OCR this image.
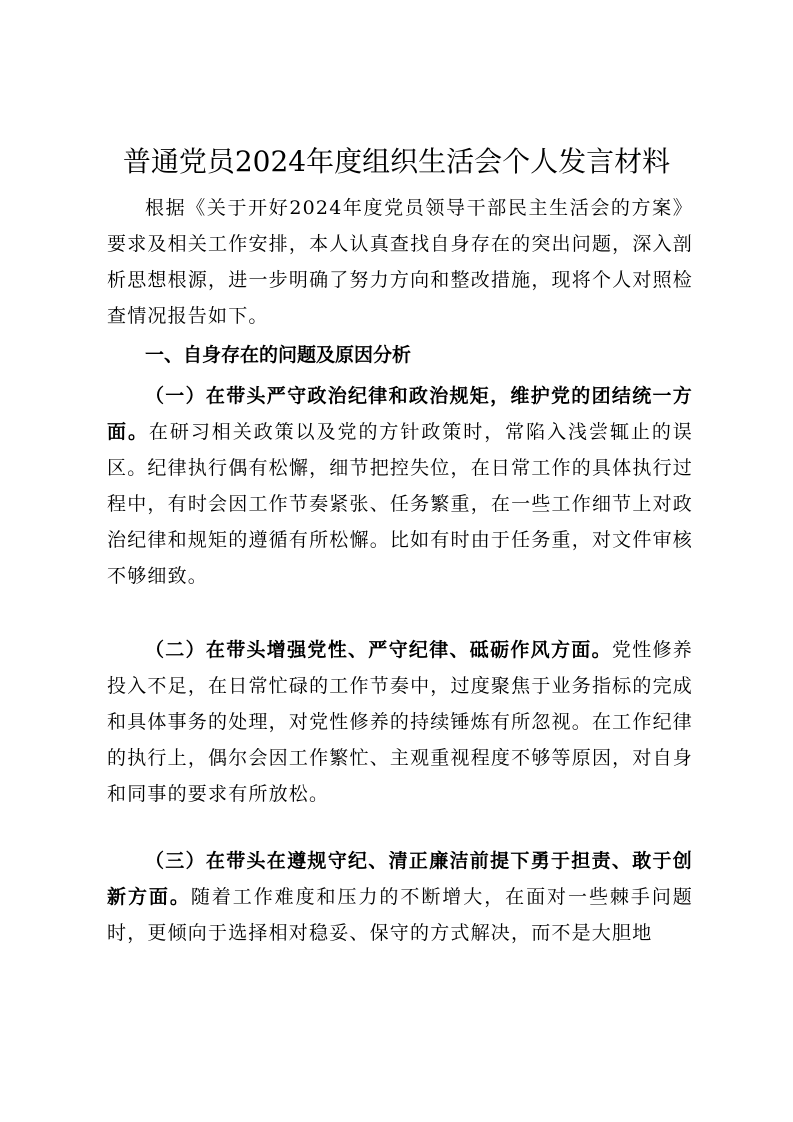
普通党员2024年度组织生活会个人发言材料

根据《关于开好2024年度党员领导干部民主生活会的方案》要求及相关工作安排，本人认真查找自身存在的突出问题，深入剖析思想根源，进一步明确了努力方向和整改措施，现将个人对照检查情况报告如下。

一、自身存在的问题及原因分析

（一）在带头严守政治纪律和政治规矩，维护党的团结统一方面。在研习相关政策以及党的方针政策时，常陷入浅尝辄止的误区。纪律执行偶有松懈，细节把控失位，在日常工作的具体执行过程中，有时会因工作节奏紧张、任务繁重，在一些工作细节上对政治纪律和规矩的遵循有所松懈。比如有时由于任务重，对文件审核不够细致。

（二）在带头增强党性、严守纪律、砥砺作风方面。党性修养投入不足，在日常忙碌的工作节奏中，过度聚焦于业务指标的完成和具体事务的处理，对党性修养的持续锤炼有所忽视。在工作纪律的执行上，偶尔会因工作繁忙、主观重视程度不够等原因，对自身和同事的要求有所放松。

（三）在带头在遵规守纪、清正廉洁前提下勇于担责、敢于创新方面。随着工作难度和压力的不断增大，在面对一些棘手问题时，更倾向于选择相对稳妥、保守的方式解决，而不是大胆地
